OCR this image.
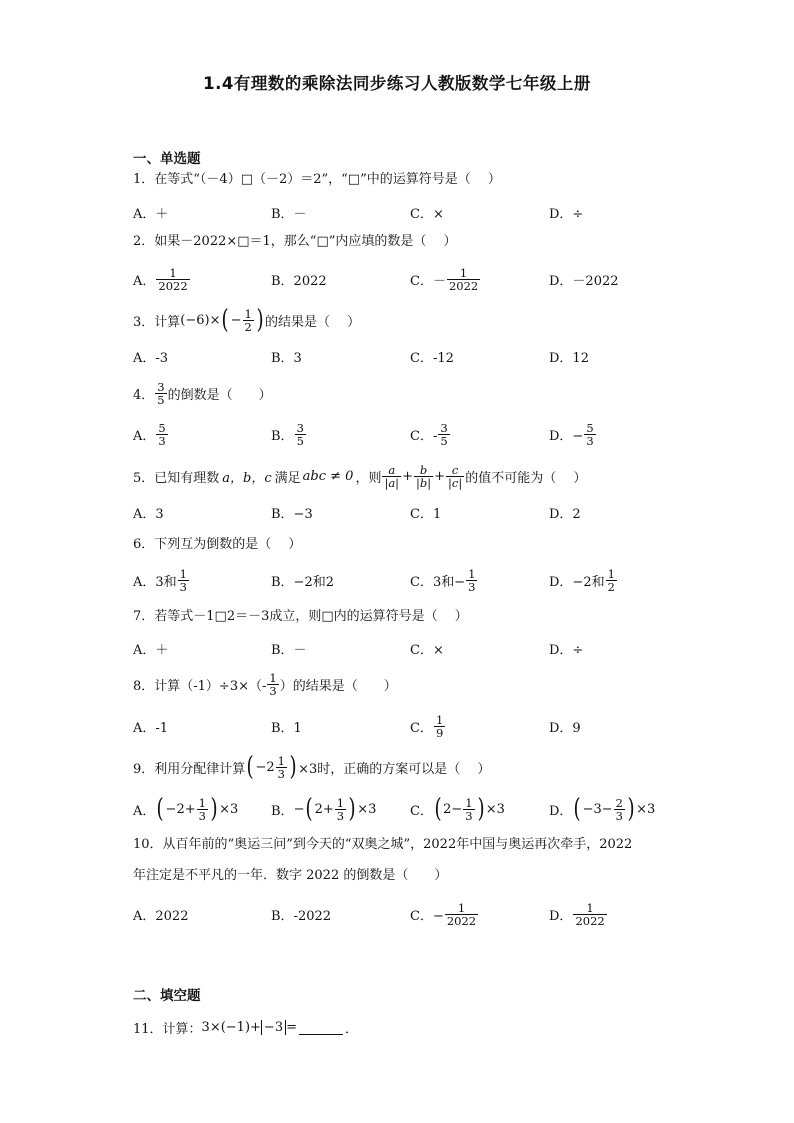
1.4有理数的乘除法同步练习人教版数学七年级上册
一、单选题
1．在等式“（－4）□（－2）＝2”，“□”中的运算符号是（　 ）
A．＋	B．－	C．×	D．÷
2．如果－2022×□＝1，那么“□”内应填的数是（　 ）
A． $\frac{1}{2022}$	B．2022	C．－ $\frac{1}{2022}$	D．－2022
3．计算 (−6)× ( − $\frac{1}{2}$ ) 的结果是（　 ）
A．-3	B．3	C．-12	D．12
4． $\frac{3}{5}$ 的倒数是（　　）
A． $\frac{5}{3}$	B． $\frac{3}{5}$	C．- $\frac{3}{5}$	D．− $\frac{5}{3}$
5．已知有理数 a，b，c 满足 abc ≠ 0 ，则 $\frac{a}{|a|} + \frac{b}{|b|} + \frac{c}{|c|}$ 的值不可能为（　 ）
A．3	B．−3	C．1	D．2
6．下列互为倒数的是（　 ）
A．3和 $\frac{1}{3}$	B．−2和2	C．3和− $\frac{1}{3}$	D．−2和 $\frac{1}{2}$
7．若等式－1□2＝－3成立，则□内的运算符号是（　 ）
A．＋	B．－	C．×	D．÷
8．计算$(-1)\div 3\times(- \frac{1}{3}$ ）的结果是（　　）
A．-1	B．1	C． $\frac{1}{9}$	D．9
9．利用分配律计算 ( $-2 \frac{1}{3}$ ) ×3时，正确的方案可以是（　 ）
A． ( $-2+ \frac{1}{3}$ ) ×3	B． − ( $2+ \frac{1}{3}$ ) ×3	C． ( $2- \frac{1}{3}$ ) ×3	D． ( $-3- \frac{2}{3}$ ) ×3
10．从百年前的“奥运三问”到今天的“双奥之城”，2022年中国与奥运再次牵手，2022
年注定是不平凡的一年．数字 2022 的倒数是（　　）
A．2022	B．-2022	C．− $\frac{1}{2022}$	D． $\frac{1}{2022}$
二、填空题
11．计算： 3×(−1)+ −3 =	．
